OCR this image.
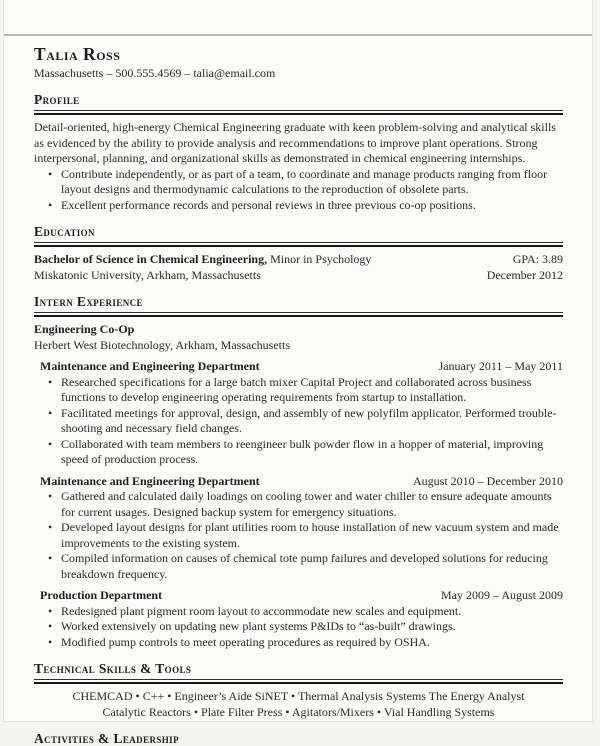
Talia Ross
Massachusetts – 500.555.4569 – talia@email.com
Profile

Detail-oriented, high-energy Chemical Engineering graduate with keen problem-solving and analytical skills as evidenced by the ability to provide analysis and recommendations to improve plant operations. Strong interpersonal, planning, and organizational skills as demonstrated in chemical engineering internships.

• Contribute independently, or as part of a team, to coordinate and manage products ranging from floor layout designs and thermodynamic calculations to the reproduction of obsolete parts.
• Excellent performance records and personal reviews in three previous co-op positions.
Education
Bachelor of Science in Chemical Engineering, Minor in Psychology	GPA: 3.89
Miskatonic University, Arkham, Massachusetts	December 2012
Intern Experience
Engineering Co-Op
Herbert West Biotechnology, Arkham, Massachusetts
Maintenance and Engineering Department	January 2011 – May 2011
• Researched specifications for a large batch mixer Capital Project and collaborated across business functions to develop engineering operating requirements from startup to installation.
• Facilitated meetings for approval, design, and assembly of new polyfilm applicator. Performed trouble-shooting and necessary field changes.
• Collaborated with team members to reengineer bulk powder flow in a hopper of material, improving speed of production process.
Maintenance and Engineering Department	August 2010 – December 2010
• Gathered and calculated daily loadings on cooling tower and water chiller to ensure adequate amounts for current usages. Designed backup system for emergency situations.
• Developed layout designs for plant utilities room to house installation of new vacuum system and made improvements to the existing system.
• Compiled information on causes of chemical tote pump failures and developed solutions for reducing breakdown frequency.
Production Department	May 2009 – August 2009
• Redesigned plant pigment room layout to accommodate new scales and equipment.
• Worked extensively on updating new plant systems P&IDs to “as-built” drawings.
• Modified pump controls to meet operating procedures as required by OSHA.
Technical Skills & Tools
CHEMCAD • C++ • Engineer’s Aide SiNET • Thermal Analysis Systems The Energy Analyst
Catalytic Reactors • Plate Filter Press • Agitators/Mixers • Vial Handling Systems
Activities & Leadership
